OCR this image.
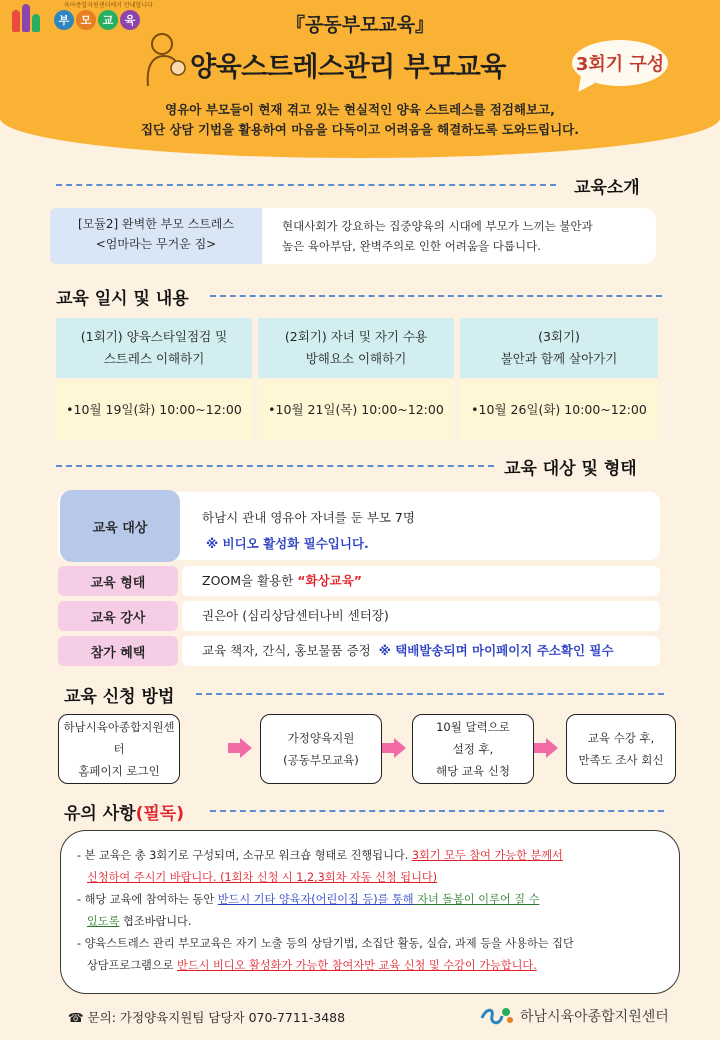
부	모	교	육
육아종합지원센터에서 안내합니다
『공동부모교육』
양육스트레스관리 부모교육	3회기 구성
영유아 부모들이 현재 겪고 있는 현실적인 양육 스트레스를 점검해보고,
집단 상담 기법을 활용하여 마음을 다독이고 어려움을 해결하도록 도와드립니다.
교육소개
[모듈2] 완벽한 부모 스트레스
<엄마라는 무거운 짐>
현대사회가 강요하는 집중양육의 시대에 부모가 느끼는 불안과
높은 육아부담, 완벽주의로 인한 어려움을 다룹니다.
교육 일시 및 내용
(1회기) 양육스타일점검 및
스트레스 이해하기
(2회기) 자녀 및 자기 수용
방해요소 이해하기
(3회기)
불안과 함께 살아가기
•10월 19일(화) 10:00~12:00	•10월 21일(목) 10:00~12:00	•10월 26일(화) 10:00~12:00
교육 대상 및 형태
교육 대상
하남시 관내 영유아 자녀를 둔 부모 7명
※ 비디오 활성화 필수입니다.
교육 형태	ZOOM을 활용한 “화상교육”
교육 강사	권은아 (심리상담센터나비 센터장)
참가 혜택	교육 책자, 간식, 홍보물품 증정 ※ 택배발송되며 마이페이지 주소확인 필수
교육 신청 방법
하남시육아종합지원센터
홈페이지 로그인
가정양육지원
(공동부모교육)
10월 달력으로
설정 후,
해당 교육 신청
교육 수강 후,
만족도 조사 회신
유의 사항(필독)
- 본 교육은 총 3회기로 구성되며, 소규모 워크숍 형태로 진행됩니다. 3회기 모두 참여 가능한 분께서
신청하여 주시기 바랍니다. (1회차 신청 시 1,2,3회차 자동 신청 됩니다)
- 해당 교육에 참여하는 동안 반드시 기타 양육자(어린이집 등)를 통해 자녀 돌봄이 이루어 질 수
있도록 협조바랍니다.
- 양육스트레스 관리 부모교육은 자기 노출 등의 상담기법, 소집단 활동, 실습, 과제 등을 사용하는 집단
상담프로그램으로 반드시 비디오 활성화가 가능한 참여자만 교육 신청 및 수강이 가능합니다.
☎ 문의: 가정양육지원팀 담당자 070-7711-3488	하남시육아종합지원센터
